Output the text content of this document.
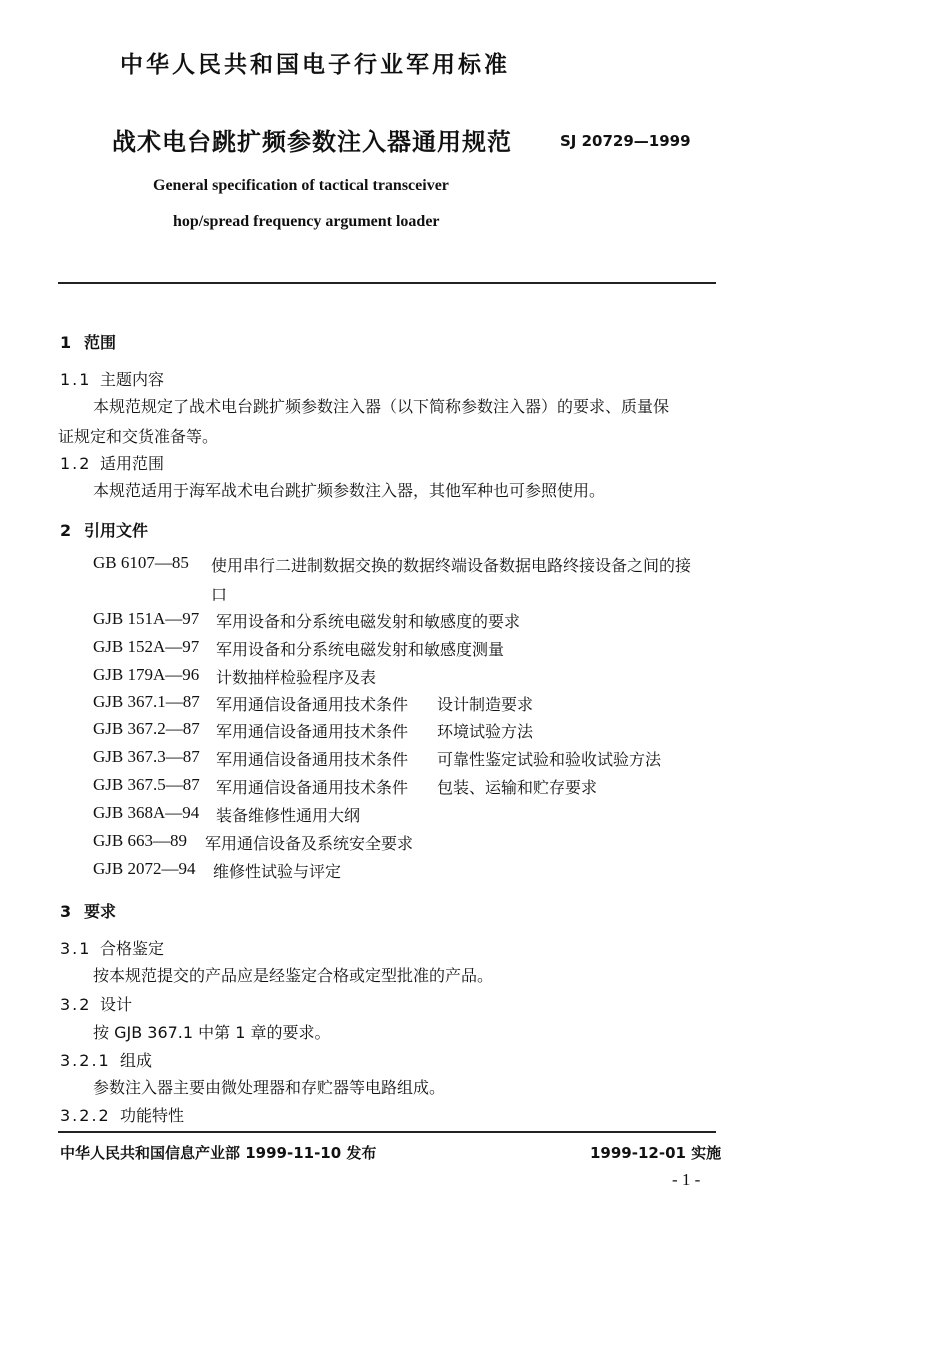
中华人民共和国电子行业军用标准
战术电台跳扩频参数注入器通用规范	SJ 20729—1999
General specification of tactical transceiver
hop/spread frequency argument loader
1 范围
1.1 主题内容
本规范规定了战术电台跳扩频参数注入器（以下简称参数注入器）的要求、质量保
证规定和交货准备等。
1.2 适用范围
本规范适用于海军战术电台跳扩频参数注入器，其他军种也可参照使用。
2 引用文件
GB 6107—85 使用串行二进制数据交换的数据终端设备数据电路终接设备之间的接
口
GJB 151A—97 军用设备和分系统电磁发射和敏感度的要求
GJB 152A—97 军用设备和分系统电磁发射和敏感度测量
GJB 179A—96 计数抽样检验程序及表
GJB 367.1—87 军用通信设备通用技术条件 设计制造要求
GJB 367.2—87 军用通信设备通用技术条件 环境试验方法
GJB 367.3—87 军用通信设备通用技术条件 可靠性鉴定试验和验收试验方法
GJB 367.5—87 军用通信设备通用技术条件 包装、运输和贮存要求
GJB 368A—94 装备维修性通用大纲
GJB 663—89 军用通信设备及系统安全要求
GJB 2072—94 维修性试验与评定
3 要求
3.1 合格鉴定
按本规范提交的产品应是经鉴定合格或定型批准的产品。
3.2 设计
按 GJB 367.1 中第 1 章的要求。
3.2.1 组成
参数注入器主要由微处理器和存贮器等电路组成。
3.2.2 功能特性
中华人民共和国信息产业部 1999-11-10 发布	1999-12-01 实施
- 1 -
